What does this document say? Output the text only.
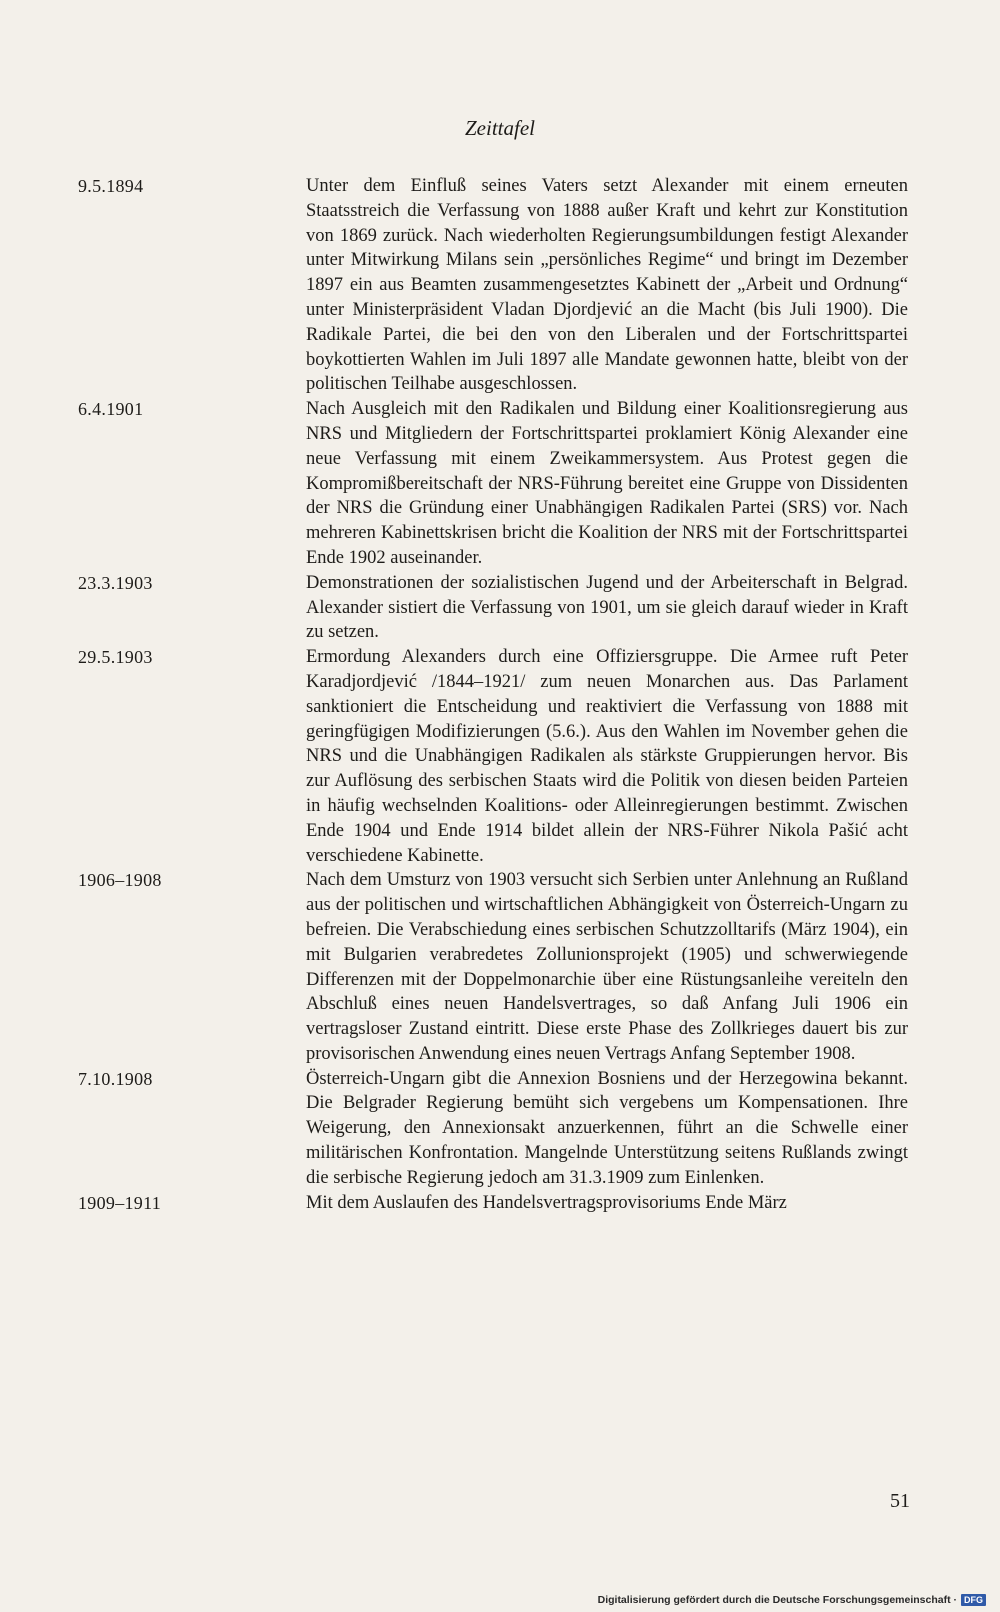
Zeittafel
9.5.1894	Unter dem Einfluß seines Vaters setzt Alexander mit einem erneuten Staatsstreich die Verfassung von 1888 außer Kraft und kehrt zur Konstitution von 1869 zurück. Nach wiederholten Regierungsumbildungen festigt Alexander unter Mitwirkung Milans sein „persönliches Regime“ und bringt im Dezember 1897 ein aus Beamten zusammengesetztes Kabinett der „Arbeit und Ordnung“ unter Ministerpräsident Vladan Djordjević an die Macht (bis Juli 1900). Die Radikale Partei, die bei den von den Liberalen und der Fortschrittspartei boykottierten Wahlen im Juli 1897 alle Mandate gewonnen hatte, bleibt von der politischen Teilhabe ausgeschlossen.
6.4.1901	Nach Ausgleich mit den Radikalen und Bildung einer Koalitionsregierung aus NRS und Mitgliedern der Fortschrittspartei proklamiert König Alexander eine neue Verfassung mit einem Zweikammersystem. Aus Protest gegen die Kompromißbereitschaft der NRS-Führung bereitet eine Gruppe von Dissidenten der NRS die Gründung einer Unabhängigen Radikalen Partei (SRS) vor. Nach mehreren Kabinettskrisen bricht die Koalition der NRS mit der Fortschrittspartei Ende 1902 auseinander.
23.3.1903	Demonstrationen der sozialistischen Jugend und der Arbeiterschaft in Belgrad. Alexander sistiert die Verfassung von 1901, um sie gleich darauf wieder in Kraft zu setzen.
29.5.1903	Ermordung Alexanders durch eine Offiziersgruppe. Die Armee ruft Peter Karadjordjević /1844–1921/ zum neuen Monarchen aus. Das Parlament sanktioniert die Entscheidung und reaktiviert die Verfassung von 1888 mit geringfügigen Modifizierungen (5.6.). Aus den Wahlen im November gehen die NRS und die Unabhängigen Radikalen als stärkste Gruppierungen hervor. Bis zur Auflösung des serbischen Staats wird die Politik von diesen beiden Parteien in häufig wechselnden Koalitions- oder Alleinregierungen bestimmt. Zwischen Ende 1904 und Ende 1914 bildet allein der NRS-Führer Nikola Pašić acht verschiedene Kabinette.
1906–1908	Nach dem Umsturz von 1903 versucht sich Serbien unter Anlehnung an Rußland aus der politischen und wirtschaftlichen Abhängigkeit von Österreich-Ungarn zu befreien. Die Verabschiedung eines serbischen Schutzzolltarifs (März 1904), ein mit Bulgarien verabredetes Zollunionsprojekt (1905) und schwerwiegende Differenzen mit der Doppelmonarchie über eine Rüstungsanleihe vereiteln den Abschluß eines neuen Handelsvertrages, so daß Anfang Juli 1906 ein vertragsloser Zustand eintritt. Diese erste Phase des Zollkrieges dauert bis zur provisorischen Anwendung eines neuen Vertrags Anfang September 1908.
7.10.1908	Österreich-Ungarn gibt die Annexion Bosniens und der Herzegowina bekannt. Die Belgrader Regierung bemüht sich vergebens um Kompensationen. Ihre Weigerung, den Annexionsakt anzuerkennen, führt an die Schwelle einer militärischen Konfrontation. Mangelnde Unterstützung seitens Rußlands zwingt die serbische Regierung jedoch am 31.3.1909 zum Einlenken.
1909–1911	Mit dem Auslaufen des Handelsvertragsprovisoriums Ende März
51
Digitalisierung gefördert durch die Deutsche Forschungsgemeinschaft · DFG
